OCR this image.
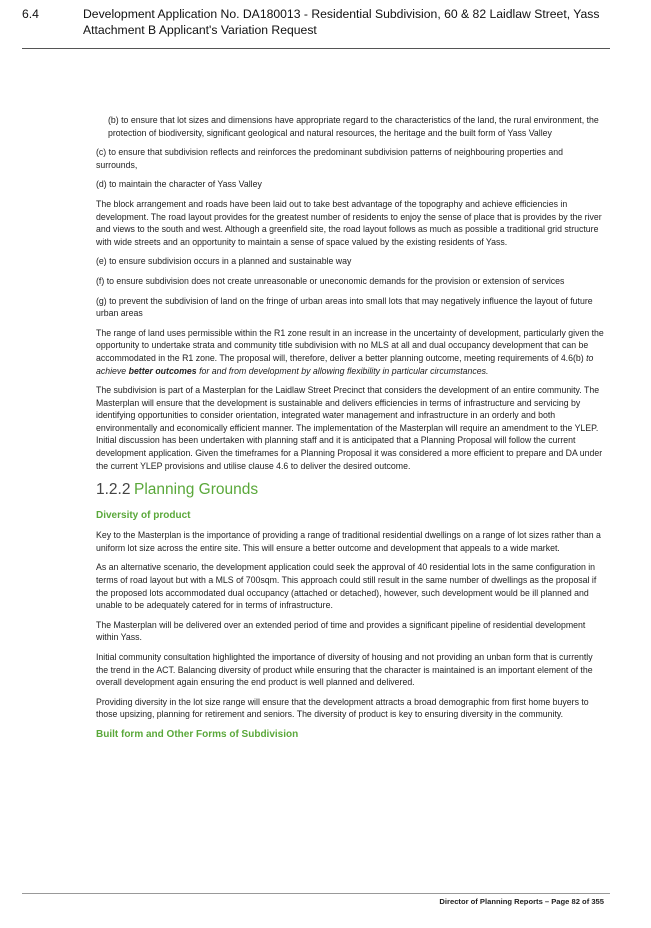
6.4	Development Application No. DA180013 - Residential Subdivision, 60 & 82 Laidlaw Street, Yass
Attachment B Applicant's Variation Request

(b) to ensure that lot sizes and dimensions have appropriate regard to the characteristics of the land, the rural environment, the protection of biodiversity, significant geological and natural resources, the heritage and the built form of Yass Valley

(c) to ensure that subdivision reflects and reinforces the predominant subdivision patterns of neighbouring properties and surrounds,

(d) to maintain the character of Yass Valley

The block arrangement and roads have been laid out to take best advantage of the topography and achieve efficiencies in development. The road layout provides for the greatest number of residents to enjoy the sense of place that is provides by the river and views to the south and west. Although a greenfield site, the road layout follows as much as possible a traditional grid structure with wide streets and an opportunity to maintain a sense of space valued by the existing residents of Yass.

(e) to ensure subdivision occurs in a planned and sustainable way

(f) to ensure subdivision does not create unreasonable or uneconomic demands for the provision or extension of services

(g) to prevent the subdivision of land on the fringe of urban areas into small lots that may negatively influence the layout of future urban areas

The range of land uses permissible within the R1 zone result in an increase in the uncertainty of development, particularly given the opportunity to undertake strata and community title subdivision with no MLS at all and dual occupancy development that can be accommodated in the R1 zone. The proposal will, therefore, deliver a better planning outcome, meeting requirements of 4.6(b) to achieve better outcomes for and from development by allowing flexibility in particular circumstances.

The subdivision is part of a Masterplan for the Laidlaw Street Precinct that considers the development of an entire community. The Masterplan will ensure that the development is sustainable and delivers efficiencies in terms of infrastructure and servicing by identifying opportunities to consider orientation, integrated water management and infrastructure in an orderly and both environmentally and economically efficient manner. The implementation of the Masterplan will require an amendment to the YLEP. Initial discussion has been undertaken with planning staff and it is anticipated that a Planning Proposal will follow the current development application. Given the timeframes for a Planning Proposal it was considered a more efficient to prepare and DA under the current YLEP provisions and utilise clause 4.6 to deliver the desired outcome.

1.2.2 Planning Grounds

Diversity of product

Key to the Masterplan is the importance of providing a range of traditional residential dwellings on a range of lot sizes rather than a uniform lot size across the entire site. This will ensure a better outcome and development that appeals to a wide market.

As an alternative scenario, the development application could seek the approval of 40 residential lots in the same configuration in terms of road layout but with a MLS of 700sqm. This approach could still result in the same number of dwellings as the proposal if the proposed lots accommodated dual occupancy (attached or detached), however, such development would be ill planned and unable to be adequately catered for in terms of infrastructure.

The Masterplan will be delivered over an extended period of time and provides a significant pipeline of residential development within Yass.

Initial community consultation highlighted the importance of diversity of housing and not providing an unban form that is currently the trend in the ACT. Balancing diversity of product while ensuring that the character is maintained is an important element of the overall development again ensuring the end product is well planned and delivered.

Providing diversity in the lot size range will ensure that the development attracts a broad demographic from first home buyers to those upsizing, planning for retirement and seniors. The diversity of product is key to ensuring diversity in the community.

Built form and Other Forms of Subdivision

Director of Planning Reports – Page 82 of 355
